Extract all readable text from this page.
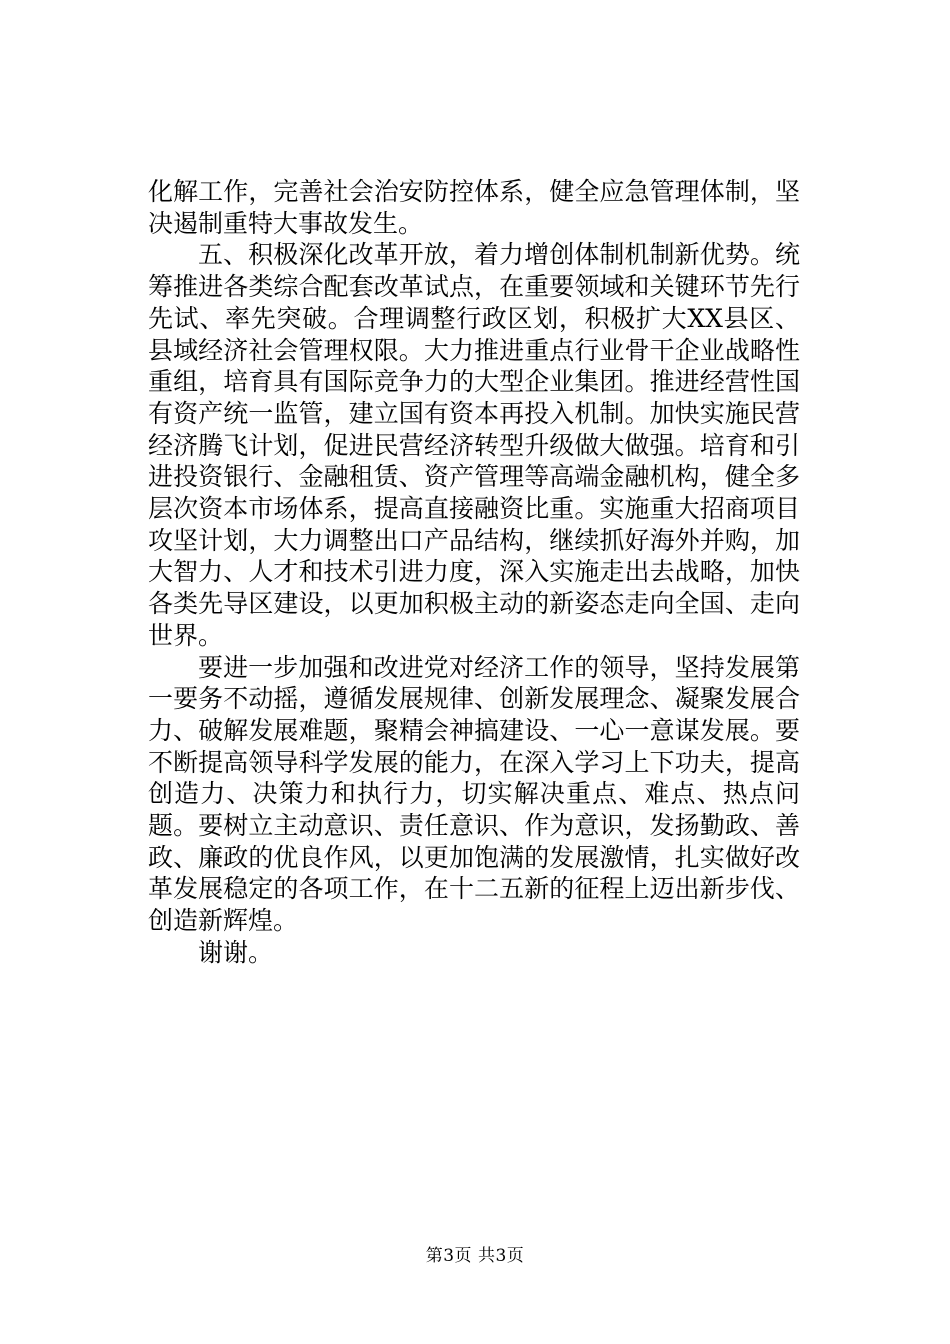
化解工作，完善社会治安防控体系，健全应急管理体制，坚决遏制重特大事故发生。

五、积极深化改革开放，着力增创体制机制新优势。统筹推进各类综合配套改革试点，在重要领域和关键环节先行先试、率先突破。合理调整行政区划，积极扩大XX县区、县域经济社会管理权限。大力推进重点行业骨干企业战略性重组，培育具有国际竞争力的大型企业集团。推进经营性国有资产统一监管，建立国有资本再投入机制。加快实施民营经济腾飞计划，促进民营经济转型升级做大做强。培育和引进投资银行、金融租赁、资产管理等高端金融机构，健全多层次资本市场体系，提高直接融资比重。实施重大招商项目攻坚计划，大力调整出口产品结构，继续抓好海外并购，加大智力、人才和技术引进力度，深入实施走出去战略，加快各类先导区建设，以更加积极主动的新姿态走向全国、走向世界。

要进一步加强和改进党对经济工作的领导，坚持发展第一要务不动摇，遵循发展规律、创新发展理念、凝聚发展合力、破解发展难题，聚精会神搞建设、一心一意谋发展。要不断提高领导科学发展的能力，在深入学习上下功夫，提高创造力、决策力和执行力，切实解决重点、难点、热点问题。要树立主动意识、责任意识、作为意识，发扬勤政、善政、廉政的优良作风，以更加饱满的发展激情，扎实做好改革发展稳定的各项工作，在十二五新的征程上迈出新步伐、创造新辉煌。

谢谢。

第3页 共3页
